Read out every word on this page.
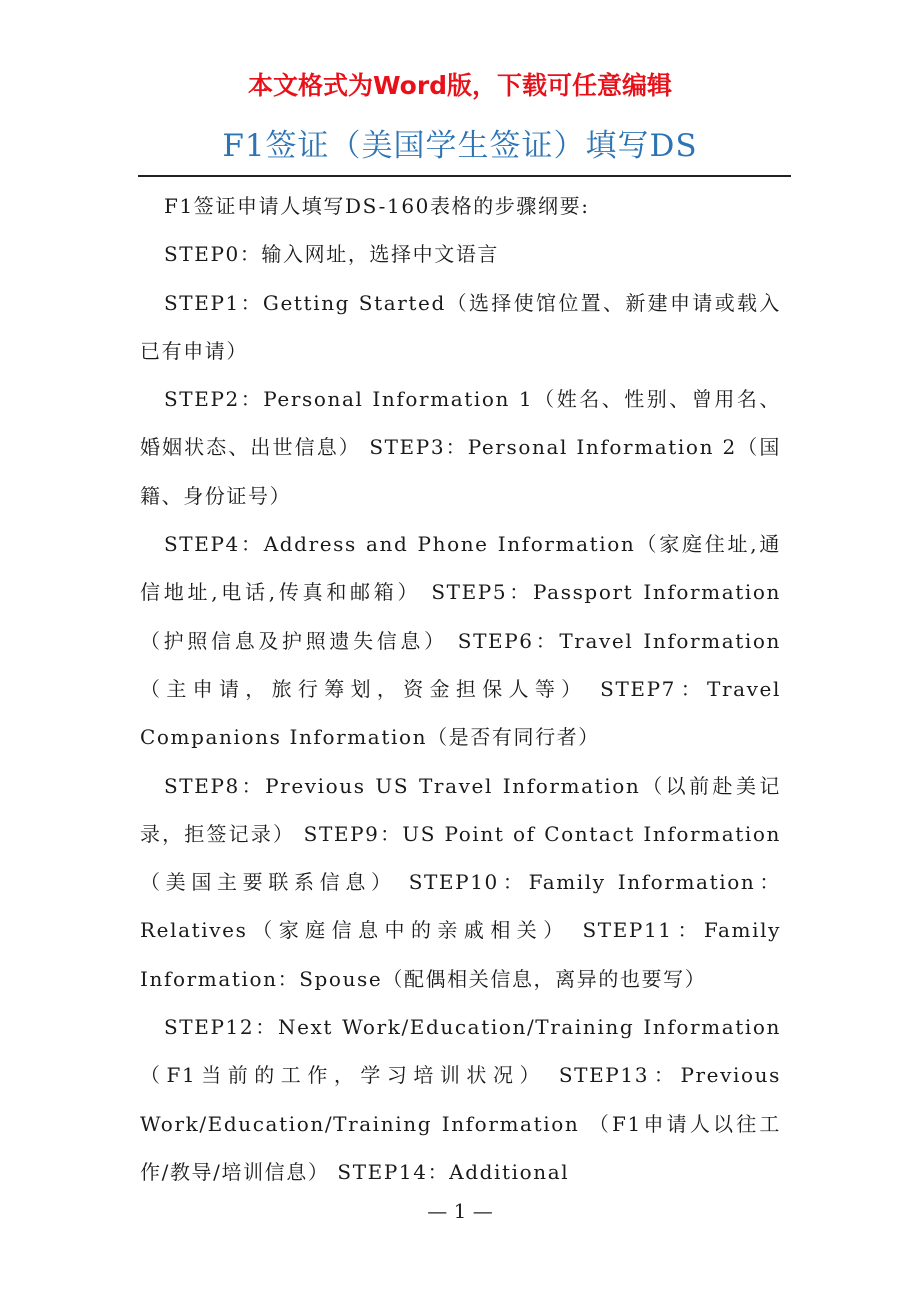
本文格式为Word版，下载可任意编辑
F1签证（美国学生签证）填写DS

F1签证申请人填写DS-160表格的步骤纲要:

STEP0：输入网址，选择中文语言

STEP1：Getting Started（选择使馆位置、新建申请或载入已有申请）

STEP2：Personal Information 1（姓名、性别、曾用名、婚姻状态、出世信息） STEP3：Personal Information 2（国籍、身份证号）

STEP4：Address and Phone Information（家庭住址,通信地址,电话,传真和邮箱） STEP5：Passport Information（护照信息及护照遗失信息） STEP6：Travel Information（主申请，旅行筹划，资金担保人等） STEP7：Travel Companions Information（是否有同行者）

STEP8：Previous US Travel Information（以前赴美记录，拒签记录） STEP9：US Point of Contact Information（美国主要联系信息） STEP10：Family Information：Relatives（家庭信息中的亲戚相关） STEP11：Family Information：Spouse（配偶相关信息，离异的也要写）

STEP12：Next Work/Education/Training Information（F1当前的工作，学习培训状况） STEP13：Previous Work/Education/Training Information （F1申请人以往工作/教导/培训信息） STEP14：Additional

— 1 —
